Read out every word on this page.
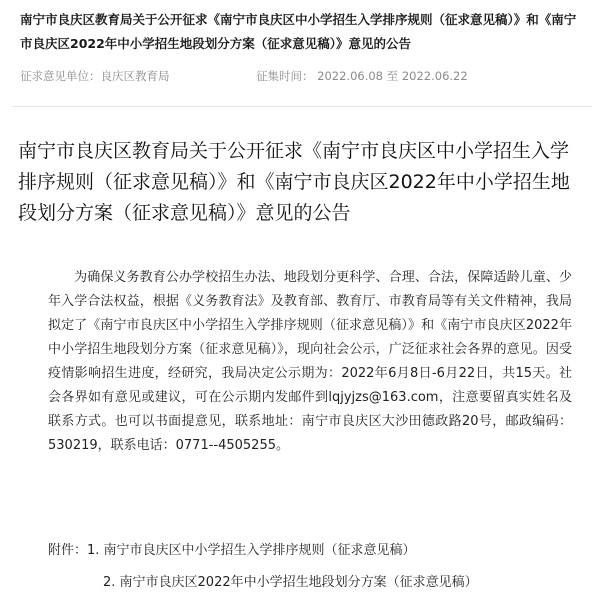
南宁市良庆区教育局关于公开征求《南宁市良庆区中小学招生入学排序规则（征求意见稿）》和《南宁市良庆区2022年中小学招生地段划分方案（征求意见稿）》意见的公告
征求意见单位：良庆区教育局	征集时间： 2022.06.08 至 2022.06.22
南宁市良庆区教育局关于公开征求《南宁市良庆区中小学招生入学排序规则（征求意见稿）》和《南宁市良庆区2022年中小学招生地段划分方案（征求意见稿）》意见的公告
为确保义务教育公办学校招生办法、地段划分更科学、合理、合法，保障适龄儿童、少年入学合法权益，根据《义务教育法》及教育部、教育厅、市教育局等有关文件精神，我局拟定了《南宁市良庆区中小学招生入学排序规则（征求意见稿）》和《南宁市良庆区2022年中小学招生地段划分方案（征求意见稿）》，现向社会公示，广泛征求社会各界的意见。因受疫情影响招生进度，经研究，我局决定公示期为：2022年6月8日-6月22日，共15天。社会各界如有意见或建议，可在公示期内发邮件到lqjyjzs@163.com，注意要留真实姓名及联系方式。也可以书面提意见，联系地址：南宁市良庆区大沙田德政路20号，邮政编码：530219，联系电话：0771--4505255。
附件：1. 南宁市良庆区中小学招生入学排序规则（征求意见稿）
2. 南宁市良庆区2022年中小学招生地段划分方案（征求意见稿）
